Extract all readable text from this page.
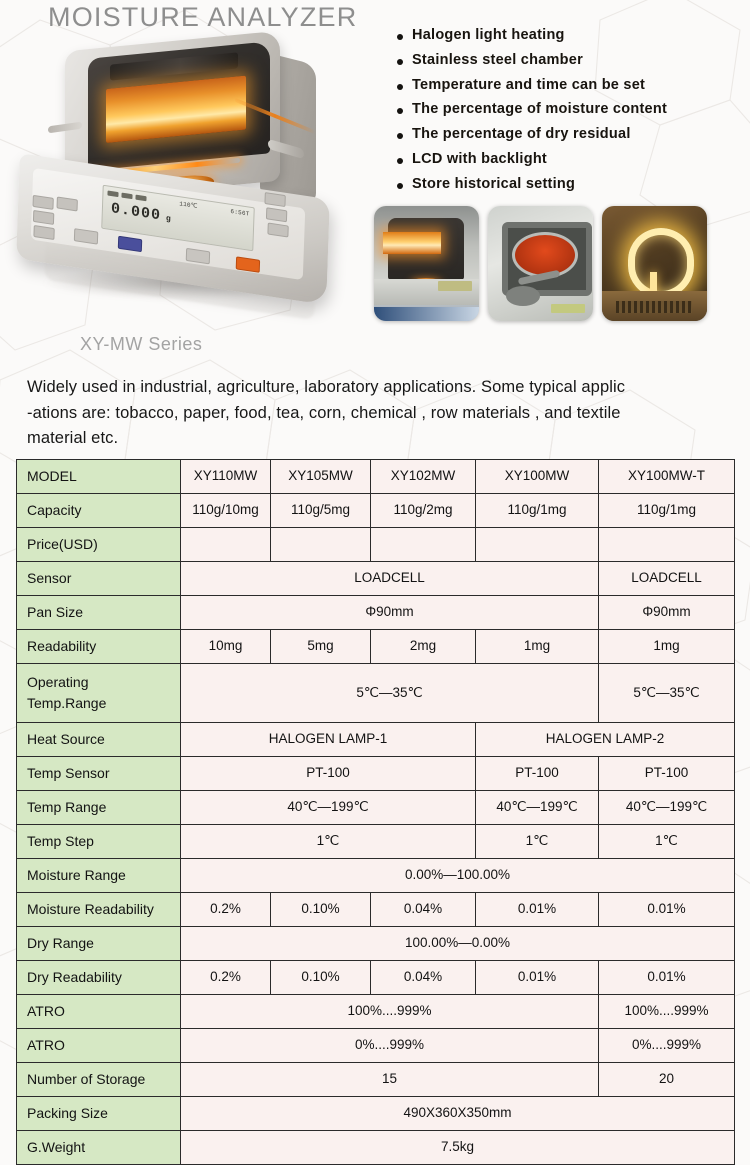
MOISTURE ANALYZER
XY-MW Series
110℃
6:56T
0.000 g
Halogen light heating
Stainless steel chamber
Temperature and time can be set
The percentage of moisture content
The percentage of dry residual
LCD with backlight
Store historical setting
Widely used in industrial, agriculture, laboratory applications. Some typical applic
-ations are: tobacco, paper, food, tea, corn, chemical , row materials , and textile
material etc.
MODEL	XY110MW	XY105MW	XY102MW	XY100MW	XY100MW-T
Capacity	110g/10mg	110g/5mg	110g/2mg	110g/1mg	110g/1mg
Price(USD)					
Sensor	LOADCELL				LOADCELL
Pan Size	Φ90mm				Φ90mm
Readability	10mg	5mg	2mg	1mg	1mg

Operating
Temp.Range	5℃—35℃				5℃—35℃
Heat Source	HALOGEN LAMP-1			HALOGEN LAMP-2	
Temp Sensor	PT-100			PT-100	PT-100
Temp Range	40℃—199℃			40℃—199℃	40℃—199℃
Temp Step	1℃			1℃	1℃
Moisture Range	0.00%—100.00%				
Moisture Readability	0.2%	0.10%	0.04%	0.01%	0.01%
Dry Range	100.00%—0.00%				
Dry Readability	0.2%	0.10%	0.04%	0.01%	0.01%
ATRO	100%....999%				100%....999%
ATRO	0%....999%				0%....999%
Number of Storage	15				20
Packing Size	490X360X350mm				
G.Weight	7.5kg				
